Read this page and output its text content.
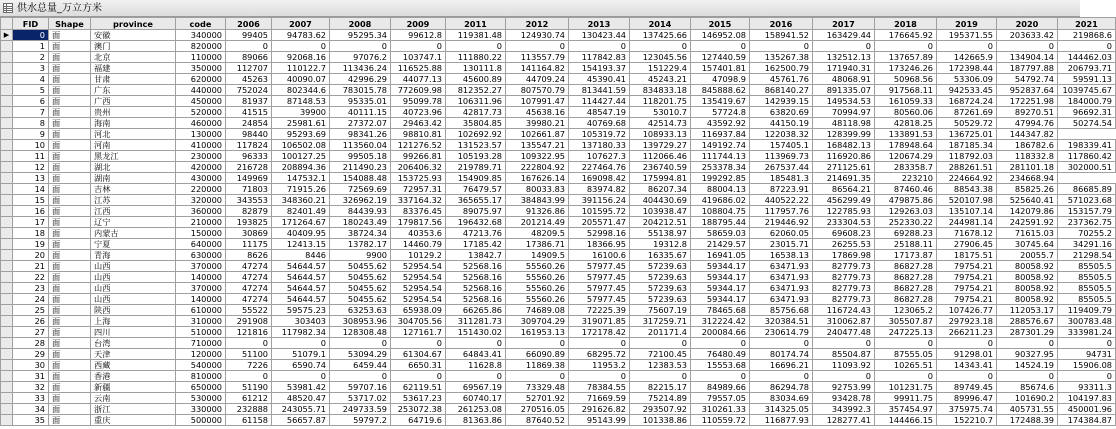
供水总量_万立方米
	FID	Shape	province	code	2006	2007	2008	2009	2011	2012	2013	2014	2015	2016	2017	2018	2019	2020	2021
▶	0	面	安徽	340000	99405	94783.62	95295.34	99612.8	119381.48	124930.74	130423.44	137425.66	146952.08	158941.52	163429.44	176645.92	195371.55	203633.42	219868.6
	1	面	澳门	820000	0	0	0	0	0	0	0	0	0	0	0	0	0	0	0
	2	面	北京	110000	89066	92068.16	97076.2	103747.1	111880.22	113557.79	117842.83	123045.56	127440.59	135267.38	132512.13	137657.89	142665.9	134904.14	144462.03
	3	面	福建	350000	112707	110122.7	113436.24	116525.88	130111.8	141164.82	154193.37	151229.4	157401.81	162500.79	171940.31	173246.26	172398.44	187797.88	206793.71
	4	面	甘肃	620000	45263	40090.07	42996.29	44077.13	45600.89	44709.24	45390.41	45243.21	47098.9	45761.76	48068.91	50968.56	53306.09	54792.74	59591.13
	5	面	广东	440000	752024	802344.6	783015.78	772609.98	812352.27	807570.79	813441.59	834833.18	845888.62	868140.27	891335.07	917568.11	942533.45	952837.64	1039745.67
	6	面	广西	450000	81937	87148.53	95335.01	95099.78	106311.96	107991.47	114427.44	118201.75	135419.67	142939.15	149534.53	161059.33	168724.24	172251.98	184000.79
	7	面	贵州	520000	41515	39900	40111.15	40723.96	42817.73	45638.16	48547.19	53010.7	57724.8	63820.69	70994.97	80560.06	87261.69	89270.51	96692.31
	8	面	海南	460000	24854	25981.61	27372.07	29463.42	35804.85	39980.21	40769.68	42514.73	43592.92	44150.19	48118.98	42818.25	50529.72	47994.76	50274.54
	9	面	河北	130000	98440	95293.69	98341.26	98810.81	102692.92	102661.87	105319.72	108933.13	116937.84	122038.32	128399.99	133891.53	136725.01	144347.82	
	10	面	河南	410000	117824	106502.08	113560.04	121276.52	131523.57	135547.21	137180.33	139729.27	149192.74	157405.1	168482.13	178948.64	187185.34	186782.6	198339.41
	11	面	黑龙江	230000	96333	100127.25	99505.18	99266.81	105193.28	109322.95	107627.3	112066.46	111744.13	113969.73	116920.86	120674.29	118792.03	118332.8	117860.42
	12	面	湖北	420000	216728	208894.36	211490.23	206406.32	219789.71	222804.92	227464.76	236740.59	253378.34	267537.44	271125.61	283358.7	288261.51	281101.18	302000.51
	13	面	湖南	430000	149969	147532.1	154088.48	153725.93	154909.85	167626.14	169098.42	175994.81	199292.85	185481.3	214691.35	223210	224664.92	234668.94	
	14	面	吉林	220000	71803	71915.26	72569.69	72957.31	76479.57	80033.83	83974.82	86207.34	88004.13	87223.91	86564.21	87460.46	88543.38	85825.26	86685.89
	15	面	江苏	320000	343553	348360.21	326962.19	337164.32	365655.17	384843.99	391156.24	404430.69	419686.02	440522.22	456299.49	479875.86	520107.98	525640.41	571023.68
	16	面	江西	360000	82879	82401.49	84439.93	83376.45	89075.97	91326.86	101595.72	103938.47	108804.75	117957.76	122785.93	129263.03	135107.14	142079.86	153157.79
	17	面	辽宁	210000	193825	171264.67	180243.49	179817.56	196432.68	201214.49	205571.47	204212.51	188795.44	219446.92	233304.53	252330.22	244981.14	242591.92	237362.75
	18	面	内蒙古	150000	30869	40409.95	38724.34	40353.6	47213.76	48209.5	52998.16	55138.97	58659.03	62060.05	69608.23	69288.23	71678.12	71615.03	70255.2
	19	面	宁夏	640000	11175	12413.15	13782.17	14460.79	17185.42	17386.71	18366.95	19312.8	21429.57	23015.71	26255.53	25188.11	27906.45	30745.64	34291.16
	20	面	青海	630000	8626	8446	9900	10129.2	13842.7	14909.5	16100.6	16335.67	16941.05	16538.13	17869.98	17173.87	18175.51	20055.7	21298.54
	21	面	山西	370000	47274	54644.57	50455.62	52954.54	52568.16	55560.26	57977.45	57239.63	59344.17	63471.93	82779.73	86827.28	79754.21	80058.92	85505.5
	22	面	山西	140000	47274	54644.57	50455.62	52954.54	52568.16	55560.26	57977.45	57239.63	59344.17	63471.93	82779.73	86827.28	79754.21	80058.92	85505.5
	23	面	山西	370000	47274	54644.57	50455.62	52954.54	52568.16	55560.26	57977.45	57239.63	59344.17	63471.93	82779.73	86827.28	79754.21	80058.92	85505.5
	24	面	山西	140000	47274	54644.57	50455.62	52954.54	52568.16	55560.26	57977.45	57239.63	59344.17	63471.93	82779.73	86827.28	79754.21	80058.92	85505.5
	25	面	陕西	610000	55522	59575.23	63253.63	65938.09	66265.86	74689.08	72225.39	75607.19	78465.68	85756.68	116724.43	123065.2	107426.77	112053.17	119409.79
	26	面	上海	310000	291908	303403	308953.96	304705.56	311281.73	309704.29	319071.85	317259.71	312224.42	320384.51	310062.87	305507.87	297923.18	288576.67	300783.48
	27	面	四川	510000	121816	117982.34	128308.48	127161.7	151430.02	161953.13	172178.42	201171.4	200084.66	230614.79	240477.48	247225.13	266211.23	287301.29	333981.24
	28	面	台湾	710000	0	0	0	0	0	0	0	0	0	0	0	0	0	0	0
	29	面	天津	120000	51100	51079.1	53094.29	61304.67	64843.41	66090.89	68295.72	72100.45	76480.49	80174.74	85504.87	87555.05	91298.01	90327.95	94731
	30	面	西藏	540000	7226	6590.74	6459.44	6650.31	11628.8	11869.38	11953.2	12383.53	15553.68	16696.21	11093.92	10265.51	14343.41	14524.19	15906.08
	31	面	香港	810000	0	0	0	0	0	0	0	0	0	0	0	0	0	0	0
	32	面	新疆	650000	51190	53981.42	59707.16	62119.51	69567.19	73329.48	78384.55	82215.17	84989.66	86294.78	92753.99	101231.75	89749.45	85674.6	93311.3
	33	面	云南	530000	61212	48520.47	53717.02	53617.23	60740.17	52701.92	71669.59	75214.89	79557.05	83034.69	93428.78	99911.75	89996.47	101690.2	104197.83
	34	面	浙江	330000	232888	243055.71	249733.59	253072.38	261253.08	270516.05	291626.82	293507.92	310261.33	314325.05	343992.3	357454.97	375975.74	405731.55	450001.96
	35	面	重庆	500000	61158	56657.87	59797.2	64719.6	81363.86	87640.52	95143.99	101338.86	110559.72	116877.93	128277.41	144466.15	152210.7	172488.39	174384.87
